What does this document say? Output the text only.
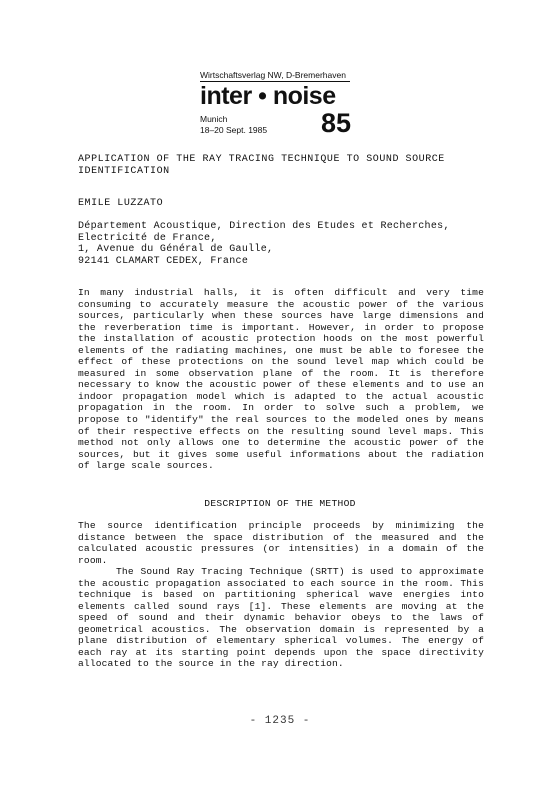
Wirtschaftsverlag NW, D-Bremerhaven
inter • noise
Munich
18–20 Sept. 1985 85
APPLICATION OF THE RAY TRACING TECHNIQUE TO SOUND SOURCE
IDENTIFICATION
EMILE LUZZATO
Département Acoustique, Direction des Etudes et Recherches,
Electricité de France,
1, Avenue du Général de Gaulle,
92141 CLAMART CEDEX, France

In many industrial halls, it is often difficult and very time consuming to accurately measure the acoustic power of the various sources, particularly when these sources have large dimensions and the reverberation time is important. However, in order to propose the installation of acoustic protection hoods on the most powerful elements of the radiating machines, one must be able to foresee the effect of these protections on the sound level map which could be measured in some observation plane of the room. It is therefore necessary to know the acoustic power of these elements and to use an indoor propagation model which is adapted to the actual acoustic propagation in the room. In order to solve such a problem, we propose to "identify" the real sources to the modeled ones by means of their respective effects on the resulting sound level maps. This method not only allows one to determine the acoustic power of the sources, but it gives some useful informations about the radiation of large scale sources.

DESCRIPTION OF THE METHOD

The source identification principle proceeds by minimizing the distance between the space distribution of the measured and the calculated acoustic pressures (or intensities) in a domain of the room.

The Sound Ray Tracing Technique (SRTT) is used to approximate the acoustic propagation associated to each source in the room. This technique is based on partitioning spherical wave energies into elements called sound rays [1]. These elements are moving at the speed of sound and their dynamic behavior obeys to the laws of geometrical acoustics. The observation domain is represented by a plane distribution of elementary spherical volumes. The energy of each ray at its starting point depends upon the space directivity allocated to the source in the ray direction.

- 1235 -
